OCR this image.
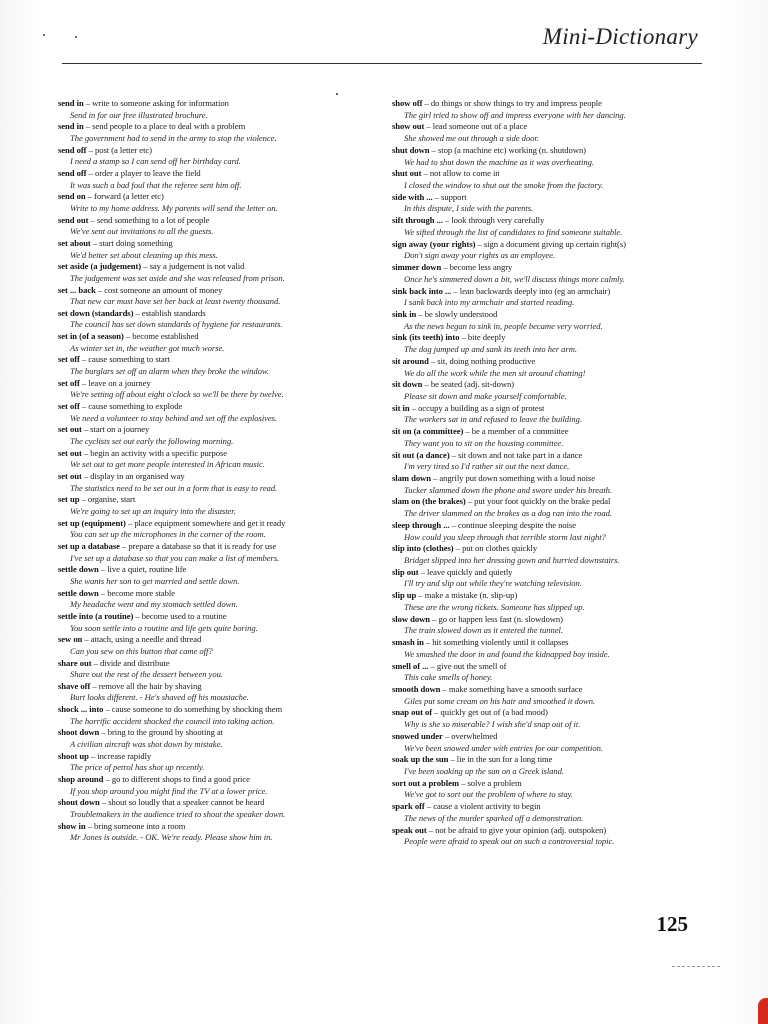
Mini-Dictionary
send in – write to someone asking for information
Send in for our free illustrated brochure.
send in – send people to a place to deal with a problem
The government had to send in the army to stop the violence.
send off – post (a letter etc)
I need a stamp so I can send off her birthday card.
send off – order a player to leave the field
It was such a bad foul that the referee sent him off.
send on – forward (a letter etc)
Write to my home address. My parents will send the letter on.
send out – send something to a lot of people
We've sent out invitations to all the guests.
set about – start doing something
We'd better set about cleaning up this mess.
set aside (a judgement) – say a judgement is not valid
The judgement was set aside and she was released from prison.
set ... back – cost someone an amount of money
That new car must have set her back at least twenty thousand.
set down (standards) – establish standards
The council has set down standards of hygiene for restaurants.
set in (of a season) – become established
As winter set in, the weather got much worse.
set off – cause something to start
The burglars set off an alarm when they broke the window.
set off – leave on a journey
We're setting off about eight o'clock so we'll be there by twelve.
set off – cause something to explode
We need a volunteer to stay behind and set off the explosives.
set out – start on a journey
The cyclists set out early the following morning.
set out – begin an activity with a specific purpose
We set out to get more people interested in African music.
set out – display in an organised way
The statistics need to be set out in a form that is easy to read.
set up – organise, start
We're going to set up an inquiry into the disaster.
set up (equipment) – place equipment somewhere and get it ready
You can set up the microphones in the corner of the room.
set up a database – prepare a database so that it is ready for use
I've set up a database so that you can make a list of members.
settle down – live a quiet, routine life
She wants her son to get married and settle down.
settle down – become more stable
My headache went and my stomach settled down.
settle into (a routine) – become used to a routine
You soon settle into a routine and life gets quite boring.
sew on – attach, using a needle and thread
Can you sew on this button that came off?
share out – divide and distribute
Share out the rest of the dessert between you.
shave off – remove all the hair by shaving
Burt looks different. - He's shaved off his moustache.
shock ... into – cause someone to do something by shocking them
The horrific accident shocked the council into taking action.
shoot down – bring to the ground by shooting at
A civilian aircraft was shot down by mistake.
shoot up – increase rapidly
The price of petrol has shot up recently.
shop around – go to different shops to find a good price
If you shop around you might find the TV at a lower price.
shout down – shout so loudly that a speaker cannot be heard
Troublemakers in the audience tried to shout the speaker down.
show in – bring someone into a room
Mr Jones is outside. - OK. We're ready. Please show him in.
show off – do things or show things to try and impress people
The girl tried to show off and impress everyone with her dancing.
show out – lead someone out of a place
She showed me out through a side door.
shut down – stop (a machine etc) working (n. shutdown)
We had to shut down the machine as it was overheating.
shut out – not allow to come in
I closed the window to shut out the smoke from the factory.
side with ... – support
In this dispute, I side with the parents.
sift through ... – look through very carefully
We sifted through the list of candidates to find someone suitable.
sign away (your rights) – sign a document giving up certain right(s)
Don't sign away your rights as an employee.
simmer down – become less angry
Once he's simmered down a bit, we'll discuss things more calmly.
sink back into ... – lean backwards deeply into (eg an armchair)
I sank back into my armchair and started reading.
sink in – be slowly understood
As the news began to sink in, people became very worried.
sink (its teeth) into – bite deeply
The dog jumped up and sank its teeth into her arm.
sit around – sit, doing nothing productive
We do all the work while the men sit around chatting!
sit down – be seated (adj. sit-down)
Please sit down and make yourself comfortable.
sit in – occupy a building as a sign of protest
The workers sat in and refused to leave the building.
sit on (a committee) – be a member of a committee
They want you to sit on the housing committee.
sit out (a dance) – sit down and not take part in a dance
I'm very tired so I'd rather sit out the next dance.
slam down – angrily put down something with a loud noise
Tucker slammed down the phone and swore under his breath.
slam on (the brakes) – put your foot quickly on the brake pedal
The driver slammed on the brakes as a dog ran into the road.
sleep through ... – continue sleeping despite the noise
How could you sleep through that terrible storm last night?
slip into (clothes) – put on clothes quickly
Bridget slipped into her dressing gown and hurried downstairs.
slip out – leave quickly and quietly
I'll try and slip out while they're watching television.
slip up – make a mistake (n. slip-up)
These are the wrong tickets. Someone has slipped up.
slow down – go or happen less fast (n. slowdown)
The train slowed down as it entered the tunnel.
smash in – hit something violently until it collapses
We smashed the door in and found the kidnapped boy inside.
smell of ... – give out the smell of
This cake smells of honey.
smooth down – make something have a smooth surface
Giles put some cream on his hair and smoothed it down.
snap out of – quickly get out of (a bad mood)
Why is she so miserable? I wish she'd snap out of it.
snowed under – overwhelmed
We've been snowed under with entries for our competition.
soak up the sun – lie in the sun for a long time
I've been soaking up the sun on a Greek island.
sort out a problem – solve a problem
We've got to sort out the problem of where to stay.
spark off – cause a violent activity to begin
The news of the murder sparked off a demonstration.
speak out – not be afraid to give your opinion (adj. outspoken)
People were afraid to speak out on such a controversial topic.
125
